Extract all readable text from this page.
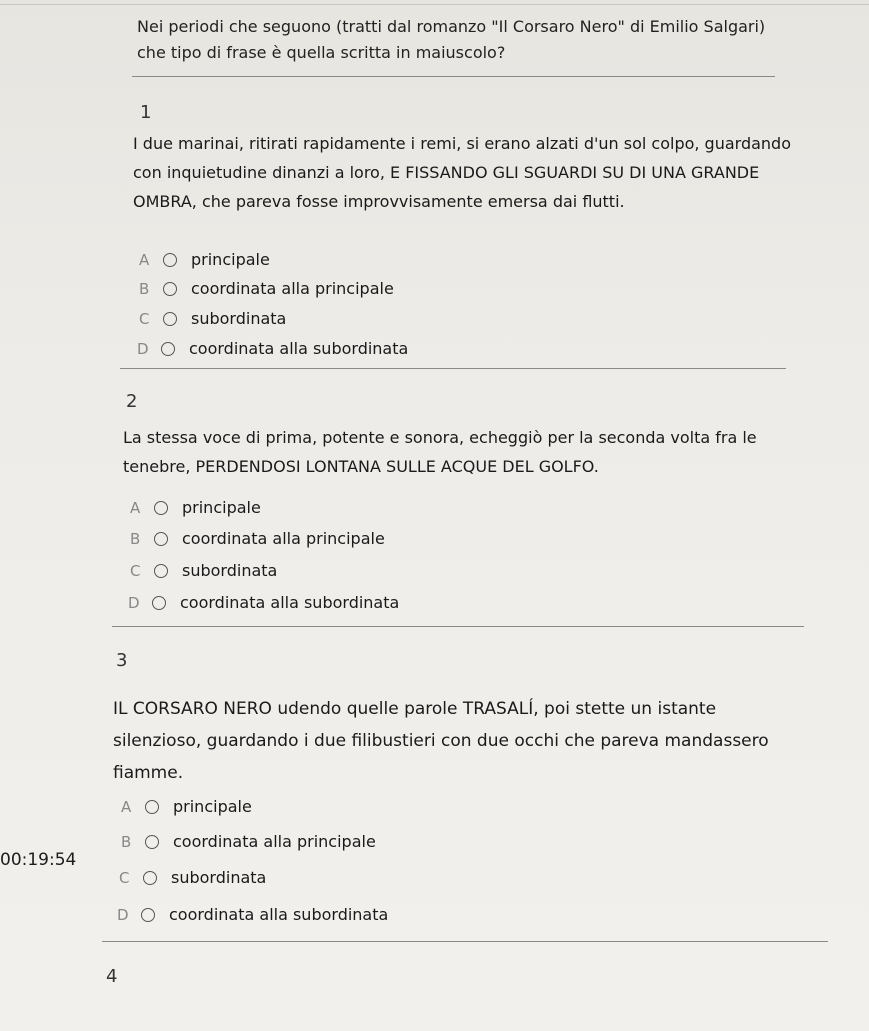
Nei periodi che seguono (tratti dal romanzo "Il Corsaro Nero" di Emilio Salgari) che tipo di frase è quella scritta in maiuscolo?
1
I due marinai, ritirati rapidamente i remi, si erano alzati d'un sol colpo, guardando con inquietudine dinanzi a loro, E FISSANDO GLI SGUARDI SU DI UNA GRANDE OMBRA, che pareva fosse improvvisamente emersa dai flutti.
A	principale
B	coordinata alla principale
C	subordinata
D	coordinata alla subordinata
2
La stessa voce di prima, potente e sonora, echeggiò per la seconda volta fra le tenebre, PERDENDOSI LONTANA SULLE ACQUE DEL GOLFO.
A	principale
B	coordinata alla principale
C	subordinata
D	coordinata alla subordinata
3
IL CORSARO NERO udendo quelle parole TRASALÍ, poi stette un istante silenzioso, guardando i due filibustieri con due occhi che pareva mandassero fiamme.
A	principale
B	coordinata alla principale
C	subordinata
D	coordinata alla subordinata
4
00:19:54
